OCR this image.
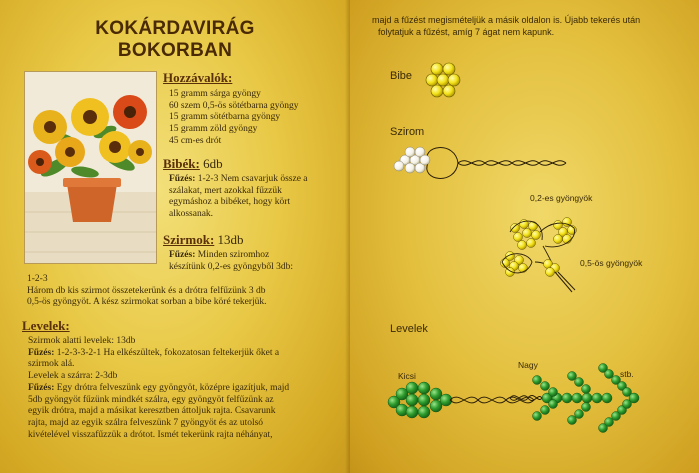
KOKÁRDAVIRÁG
BOKORBAN
Hozzávalók:

15 gramm sárga gyöngy

60 szem 0,5-ös sötétbarna gyöngy

15 gramm sötétbarna gyöngy

15 gramm zöld gyöngy

45 cm-es drót

Bibék: 6db

Fűzés: 1-2-3 Nem csavarjuk össze a

szálakat, mert azokkal fűzzük

egymáshoz a bibéket, hogy kört

alkossanak.

Szirmok: 13db

Fűzés: Minden sziromhoz

készítünk 0,2-es gyöngyből 3db:

1-2-3

Három db kis szirmot összetekerünk és a drótra felfűzünk 3 db

0,5-ös gyöngyöt. A kész szirmokat sorban a bibe köré tekerjük.

Levelek:

Szirmok alatti levelek: 13db

Fűzés: 1-2-3-3-2-1 Ha elkészültek, fokozatosan feltekerjük őket a

szirmok alá.

Levelek a szárra: 2-3db

Fűzés: Egy drótra felveszünk egy gyöngyöt, középre igazítjuk, majd

5db gyöngyöt fűzünk mindkét szálra, egy gyöngyöt felfűzünk az

egyik drótra, majd a másikat keresztben áttoljuk rajta. Csavarunk

rajta, majd az egyik szálra felveszünk 7 gyöngyöt és az utolsó

kivételével visszafűzzük a drótot. Ismét tekerünk rajta néhányat,

majd a fűzést megismételjük a másik oldalon is. Újabb tekerés után

folytatjuk a fűzést, amíg 7 ágat nem kapunk.

Bibe
Szirom
0,2-es gyöngyök
0,5-ös gyöngyök
Levelek
Kicsi
Nagy
stb.
